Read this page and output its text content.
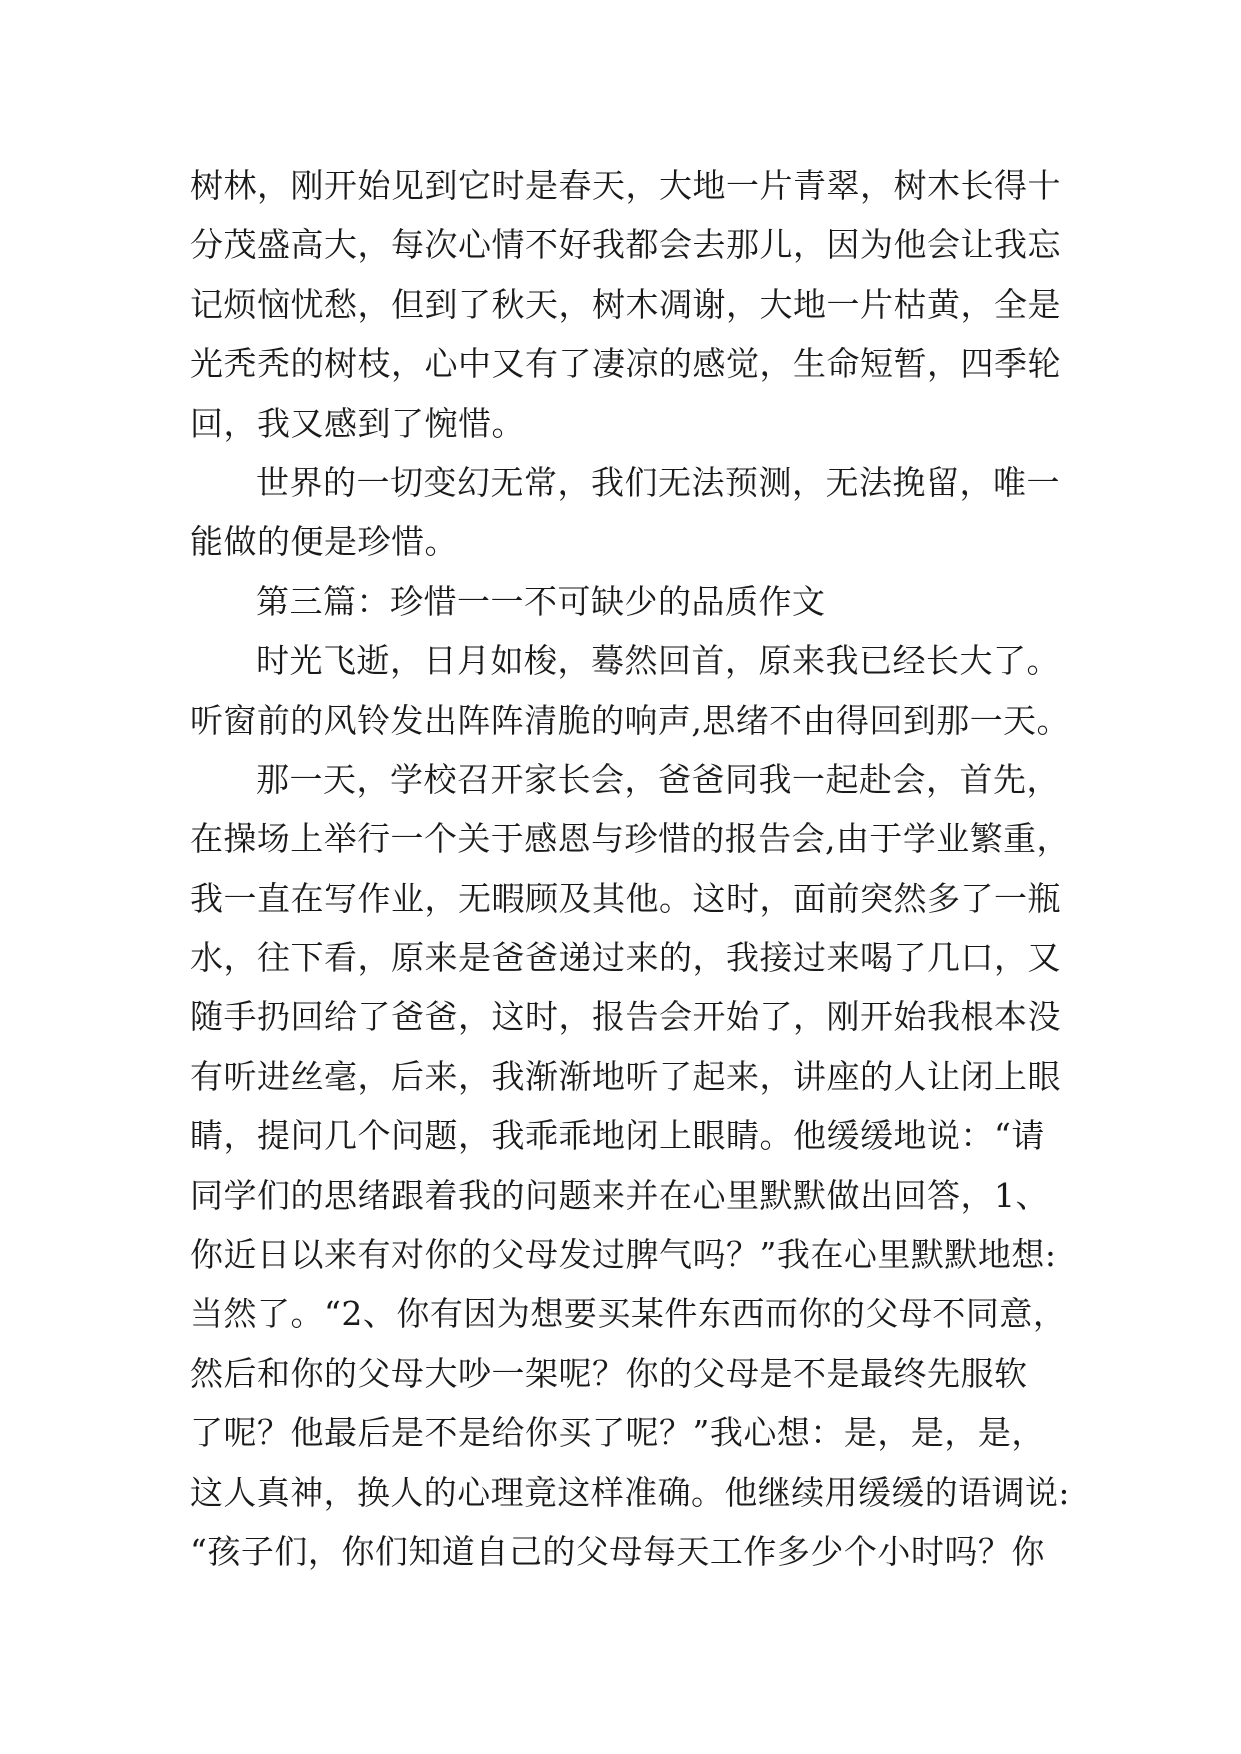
树林，刚开始见到它时是春天，大地一片青翠，树木长得十
分茂盛高大，每次心情不好我都会去那儿，因为他会让我忘
记烦恼忧愁，但到了秋天，树木凋谢，大地一片枯黄，全是
光秃秃的树枝，心中又有了凄凉的感觉，生命短暂，四季轮
回，我又感到了惋惜。
世界的一切变幻无常，我们无法预测，无法挽留，唯一
能做的便是珍惜。
第三篇：珍惜一一不可缺少的品质作文
时光飞逝，日月如梭，蓦然回首，原来我已经长大了。
听窗前的风铃发出阵阵清脆的响声,思绪不由得回到那一天。
那一天，学校召开家长会，爸爸同我一起赴会，首先，
在操场上举行一个关于感恩与珍惜的报告会,由于学业繁重，
我一直在写作业，无暇顾及其他。这时，面前突然多了一瓶
水，往下看，原来是爸爸递过来的，我接过来喝了几口，又
随手扔回给了爸爸，这时，报告会开始了，刚开始我根本没
有听进丝毫，后来，我渐渐地听了起来，讲座的人让闭上眼
睛，提问几个问题，我乖乖地闭上眼睛。他缓缓地说：“请
同学们的思绪跟着我的问题来并在心里默默做出回答，1、
你近日以来有对你的父母发过脾气吗？”我在心里默默地想:
当然了。“2、你有因为想要买某件东西而你的父母不同意，
然后和你的父母大吵一架呢？你的父母是不是最终先服软
了呢？他最后是不是给你买了呢？”我心想：是，是，是，
这人真神，换人的心理竟这样准确。他继续用缓缓的语调说:
“孩子们，你们知道自己的父母每天工作多少个小时吗？你
